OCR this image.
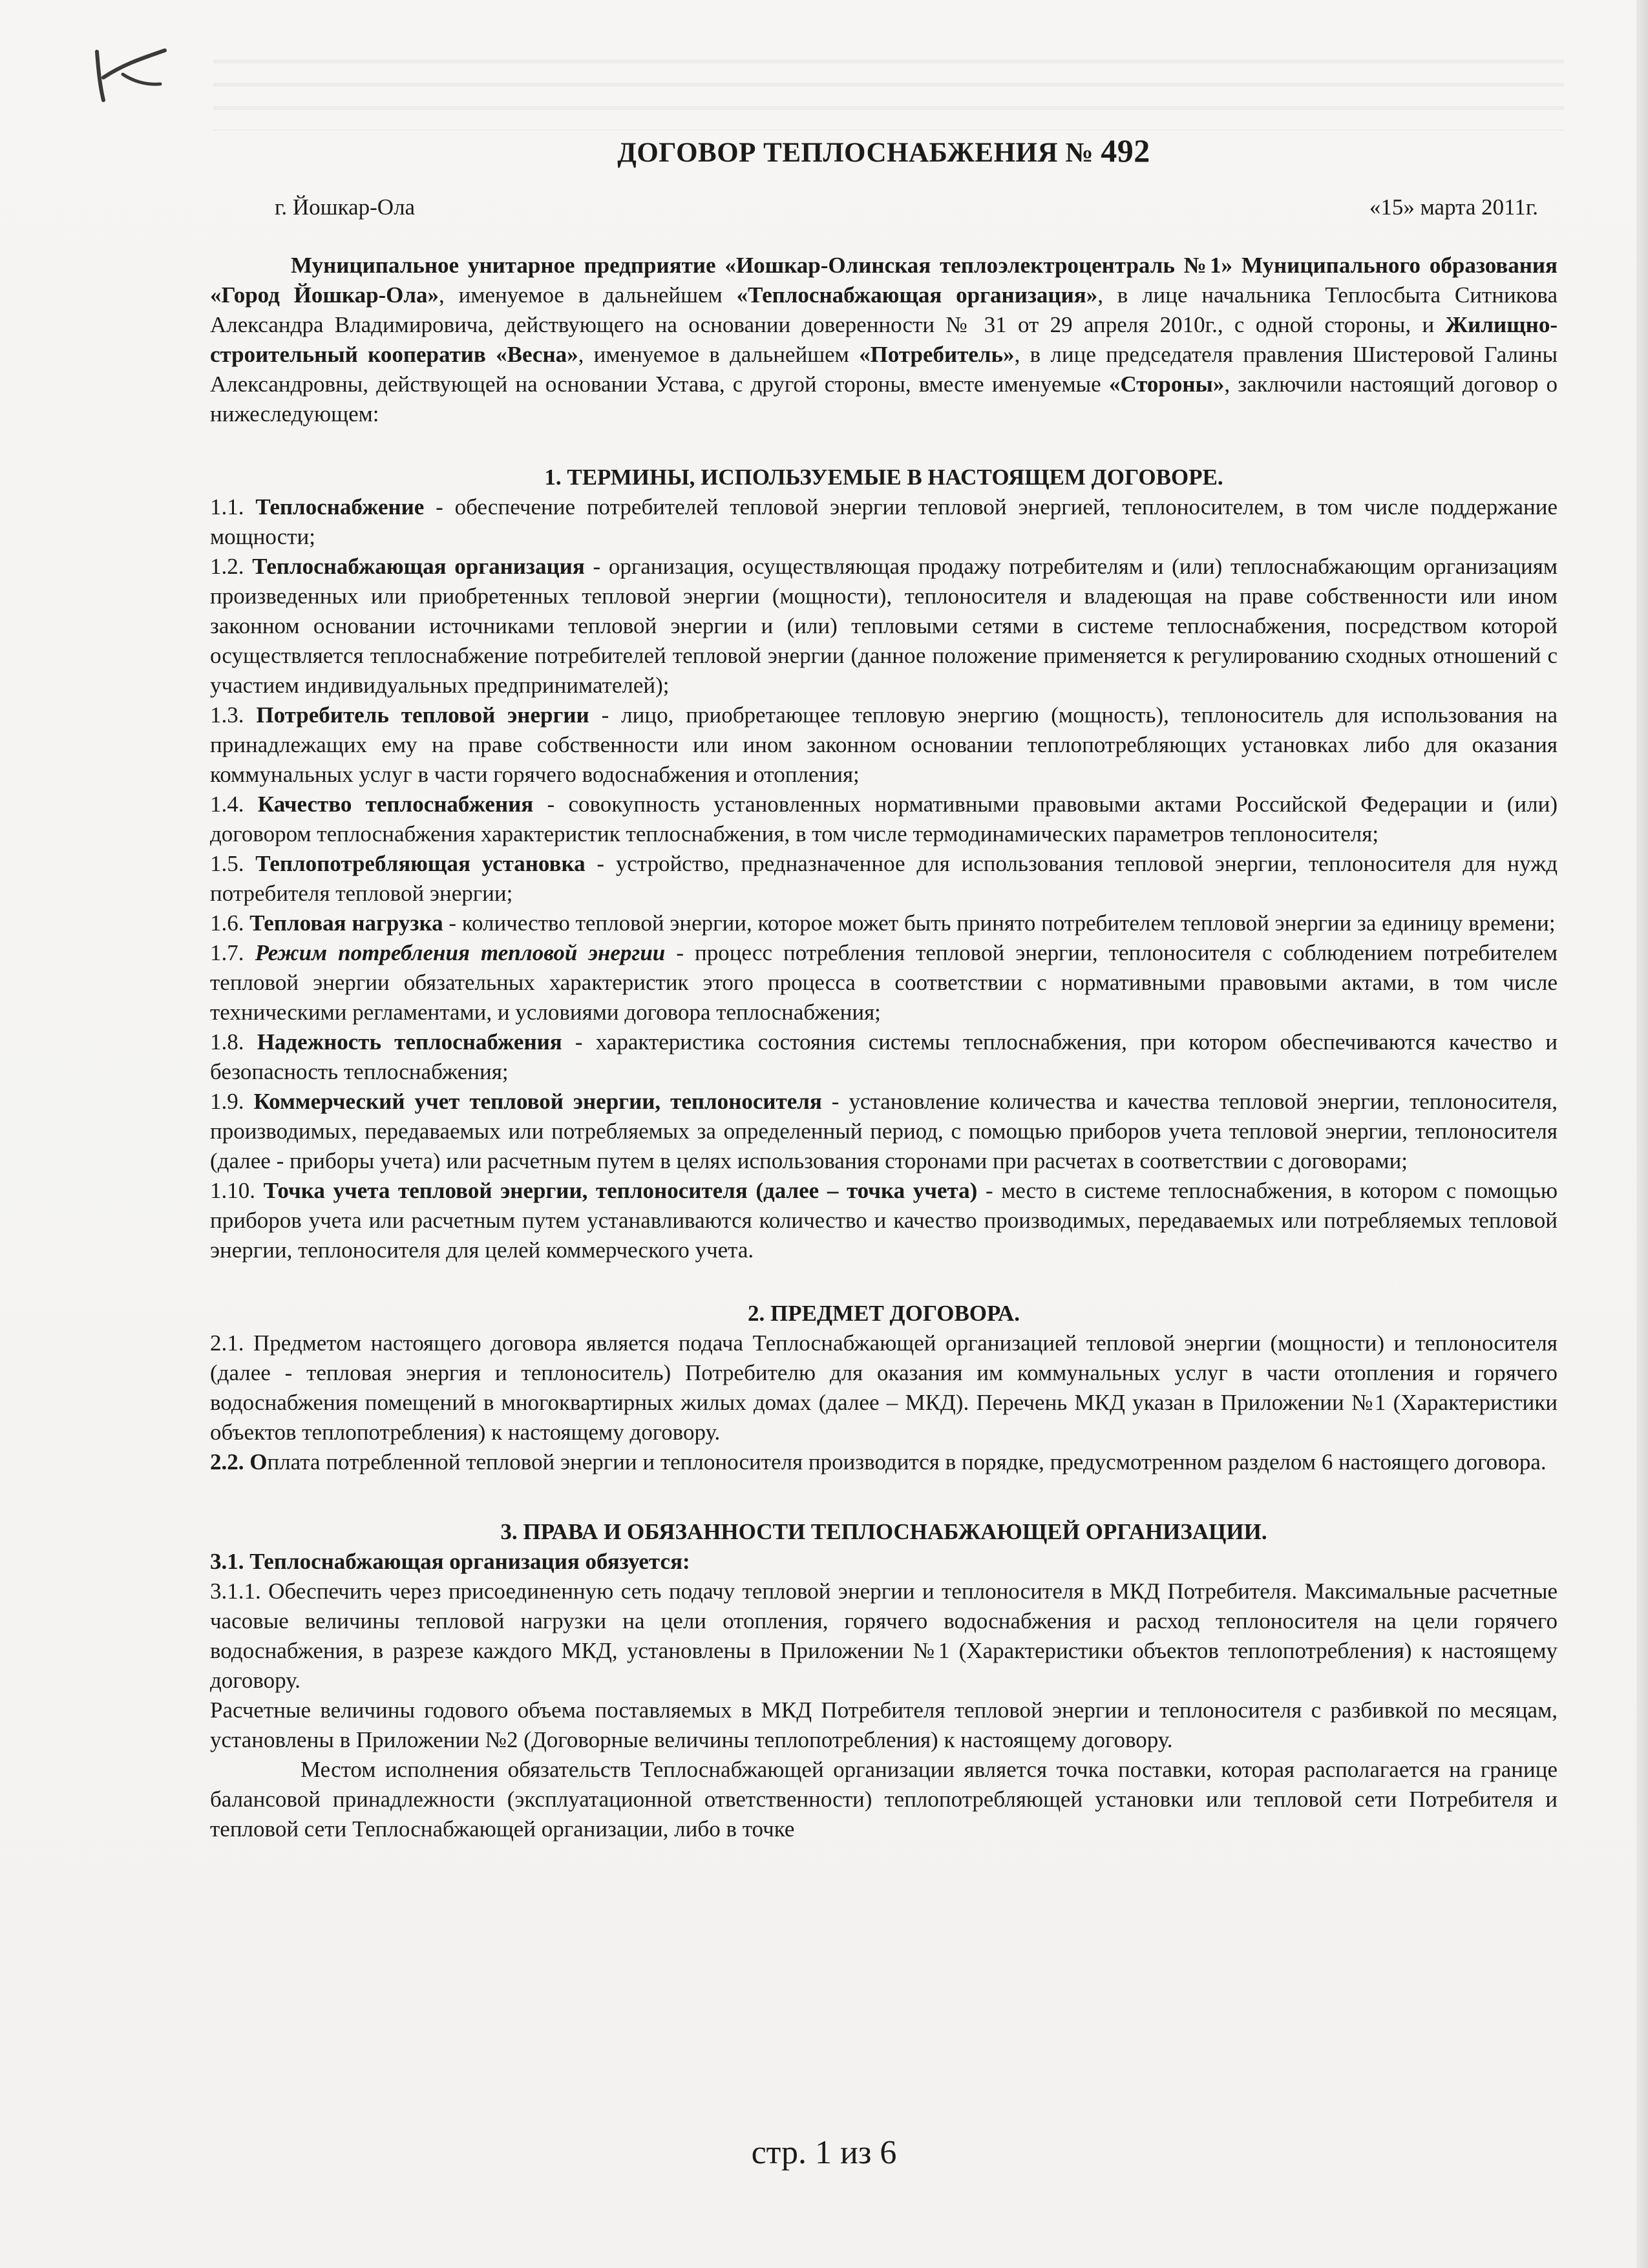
ДОГОВОР ТЕПЛОСНАБЖЕНИЯ № 492
г. Йошкар-Ола	«15» марта 2011г.

Муниципальное унитарное предприятие «Иошкар-Олинская теплоэлектроцентраль №1» Муниципального образования «Город Йошкар-Ола», именуемое в дальнейшем «Теплоснабжающая организация», в лице начальника Теплосбыта Ситникова Александра Владимировича, действующего на основании доверенности № 31 от 29 апреля 2010г., с одной стороны, и Жилищно-строительный кооператив «Весна», именуемое в дальнейшем «Потребитель», в лице председателя правления Шистеровой Галины Александровны, действующей на основании Устава, с другой стороны, вместе именуемые «Стороны», заключили настоящий договор о нижеследующем:

1. ТЕРМИНЫ, ИСПОЛЬЗУЕМЫЕ В НАСТОЯЩЕМ ДОГОВОРЕ.

1.1. Теплоснабжение - обеспечение потребителей тепловой энергии тепловой энергией, теплоносителем, в том числе поддержание мощности;

1.2. Теплоснабжающая организация - организация, осуществляющая продажу потребителям и (или) теплоснабжающим организациям произведенных или приобретенных тепловой энергии (мощности), теплоносителя и владеющая на праве собственности или ином законном основании источниками тепловой энергии и (или) тепловыми сетями в системе теплоснабжения, посредством которой осуществляется теплоснабжение потребителей тепловой энергии (данное положение применяется к регулированию сходных отношений с участием индивидуальных предпринимателей);

1.3. Потребитель тепловой энергии - лицо, приобретающее тепловую энергию (мощность), теплоноситель для использования на принадлежащих ему на праве собственности или ином законном основании теплопотребляющих установках либо для оказания коммунальных услуг в части горячего водоснабжения и отопления;

1.4. Качество теплоснабжения - совокупность установленных нормативными правовыми актами Российской Федерации и (или) договором теплоснабжения характеристик теплоснабжения, в том числе термодинамических параметров теплоносителя;

1.5. Теплопотребляющая установка - устройство, предназначенное для использования тепловой энергии, теплоносителя для нужд потребителя тепловой энергии;

1.6. Тепловая нагрузка - количество тепловой энергии, которое может быть принято потребителем тепловой энергии за единицу времени;

1.7. Режим потребления тепловой энергии - процесс потребления тепловой энергии, теплоносителя с соблюдением потребителем тепловой энергии обязательных характеристик этого процесса в соответствии с нормативными правовыми актами, в том числе техническими регламентами, и условиями договора теплоснабжения;

1.8. Надежность теплоснабжения - характеристика состояния системы теплоснабжения, при котором обеспечиваются качество и безопасность теплоснабжения;

1.9. Коммерческий учет тепловой энергии, теплоносителя - установление количества и качества тепловой энергии, теплоносителя, производимых, передаваемых или потребляемых за определенный период, с помощью приборов учета тепловой энергии, теплоносителя (далее - приборы учета) или расчетным путем в целях использования сторонами при расчетах в соответствии с договорами;

1.10. Точка учета тепловой энергии, теплоносителя (далее – точка учета) - место в системе теплоснабжения, в котором с помощью приборов учета или расчетным путем устанавливаются количество и качество производимых, передаваемых или потребляемых тепловой энергии, теплоносителя для целей коммерческого учета.

2. ПРЕДМЕТ ДОГОВОРА.

2.1. Предметом настоящего договора является подача Теплоснабжающей организацией тепловой энергии (мощности) и теплоносителя (далее - тепловая энергия и теплоноситель) Потребителю для оказания им коммунальных услуг в части отопления и горячего водоснабжения помещений в многоквартирных жилых домах (далее – МКД). Перечень МКД указан в Приложении №1 (Характеристики объектов теплопотребления) к настоящему договору.

2.2. Оплата потребленной тепловой энергии и теплоносителя производится в порядке, предусмотренном разделом 6 настоящего договора.

3. ПРАВА И ОБЯЗАННОСТИ ТЕПЛОСНАБЖАЮЩЕЙ ОРГАНИЗАЦИИ.

3.1. Теплоснабжающая организация обязуется:

3.1.1. Обеспечить через присоединенную сеть подачу тепловой энергии и теплоносителя в МКД Потребителя. Максимальные расчетные часовые величины тепловой нагрузки на цели отопления, горячего водоснабжения и расход теплоносителя на цели горячего водоснабжения, в разрезе каждого МКД, установлены в Приложении №1 (Характеристики объектов теплопотребления) к настоящему договору.

Расчетные величины годового объема поставляемых в МКД Потребителя тепловой энергии и теплоносителя с разбивкой по месяцам, установлены в Приложении №2 (Договорные величины теплопотребления) к настоящему договору.

Местом исполнения обязательств Теплоснабжающей организации является точка поставки, которая располагается на границе балансовой принадлежности (эксплуатационной ответственности) теплопотребляющей установки или тепловой сети Потребителя и тепловой сети Теплоснабжающей организации, либо в точке

стр. 1 из 6
